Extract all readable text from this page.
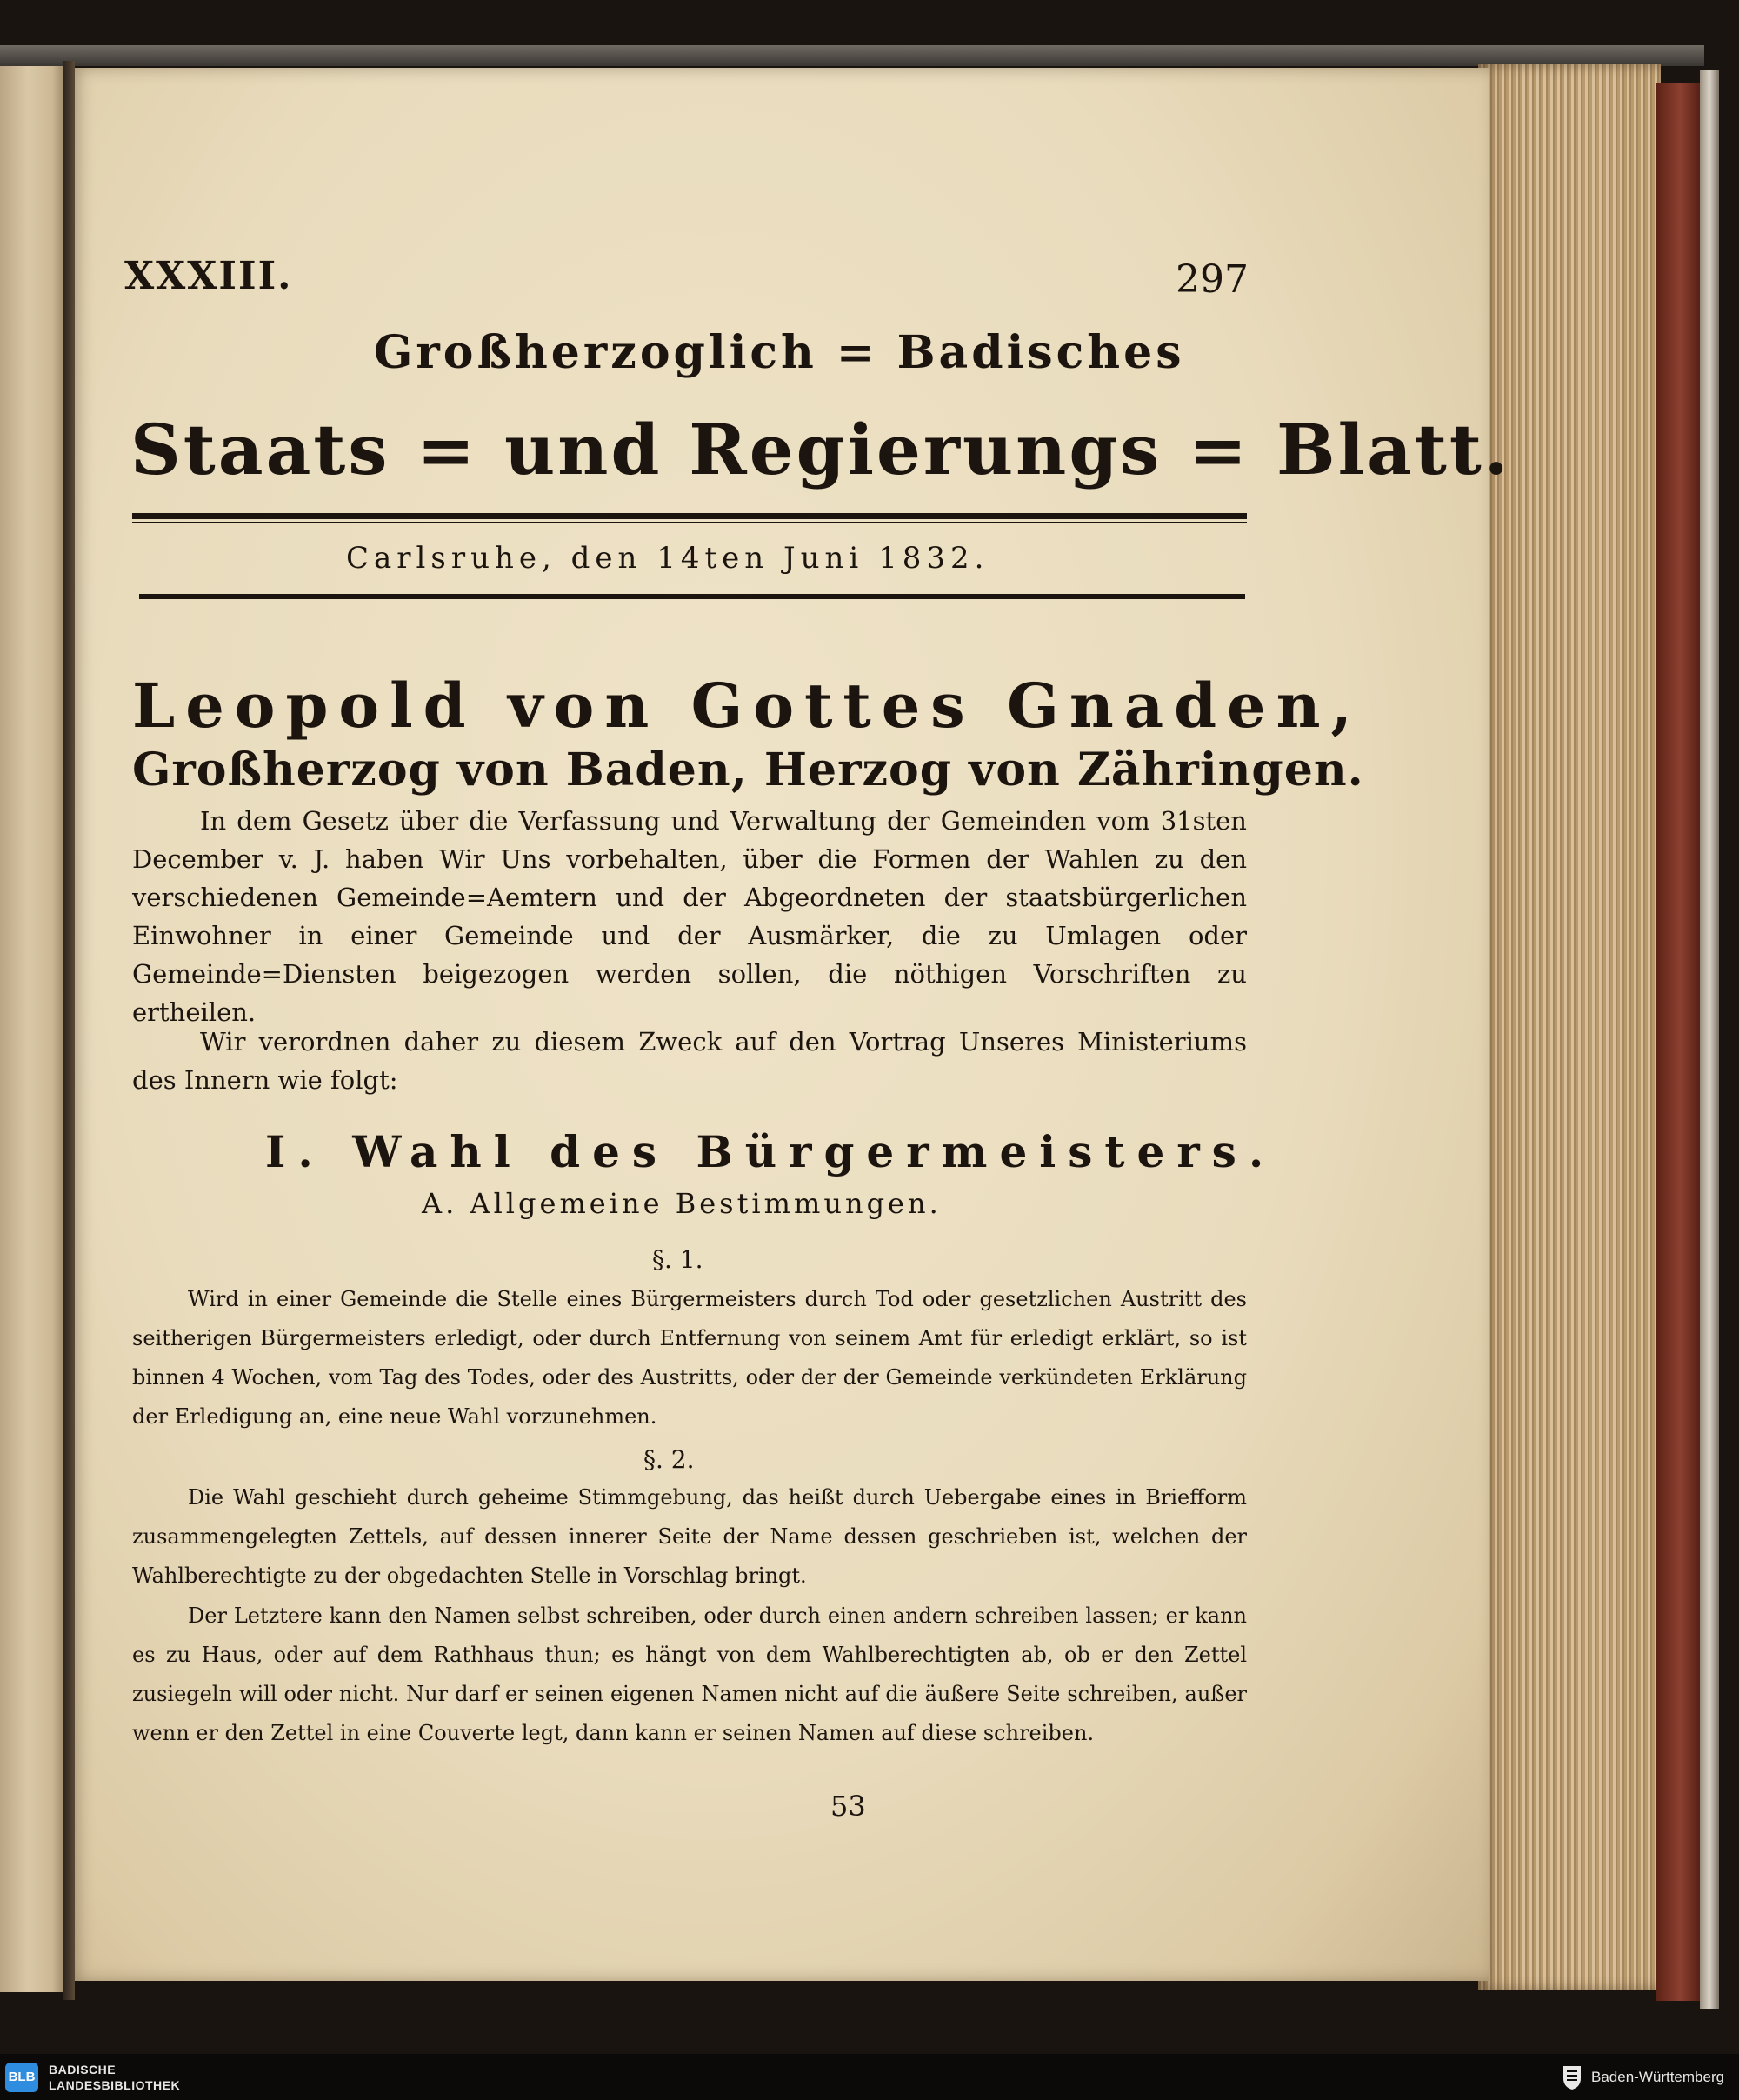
XXXIII.	297
Großherzoglich = Badisches
Staats = und Regierungs = Blatt.
Carlsruhe, den 14ten Juni 1832.
Leopold von Gottes Gnaden,
Großherzog von Baden, Herzog von Zähringen.
In dem Gesetz über die Verfassung und Verwaltung der Gemeinden vom 31sten December v. J. haben Wir Uns vorbehalten, über die Formen der Wahlen zu den verschiedenen Gemeinde=Aemtern und der Abgeordneten der staatsbürgerlichen Einwohner in einer Gemeinde und der Ausmärker, die zu Umlagen oder Gemeinde=Diensten beigezogen werden sollen, die nöthigen Vorschriften zu ertheilen.
Wir verordnen daher zu diesem Zweck auf den Vortrag Unseres Ministeriums des Innern wie folgt:
I. Wahl des Bürgermeisters.
A. Allgemeine Bestimmungen.
§. 1.
Wird in einer Gemeinde die Stelle eines Bürgermeisters durch Tod oder gesetzlichen Austritt des seitherigen Bürgermeisters erledigt, oder durch Entfernung von seinem Amt für erledigt erklärt, so ist binnen 4 Wochen, vom Tag des Todes, oder des Austritts, oder der der Gemeinde verkündeten Erklärung der Erledigung an, eine neue Wahl vorzunehmen.
§. 2.
Die Wahl geschieht durch geheime Stimmgebung, das heißt durch Uebergabe eines in Briefform zusammengelegten Zettels, auf dessen innerer Seite der Name dessen geschrieben ist, welchen der Wahlberechtigte zu der obgedachten Stelle in Vorschlag bringt.
Der Letztere kann den Namen selbst schreiben, oder durch einen andern schreiben lassen; er kann es zu Haus, oder auf dem Rathhaus thun; es hängt von dem Wahlberechtigten ab, ob er den Zettel zusiegeln will oder nicht. Nur darf er seinen eigenen Namen nicht auf die äußere Seite schreiben, außer wenn er den Zettel in eine Couverte legt, dann kann er seinen Namen auf diese schreiben.
53
BLB BADISCHE
LANDESBIBLIOTHEK	Baden-Württemberg
